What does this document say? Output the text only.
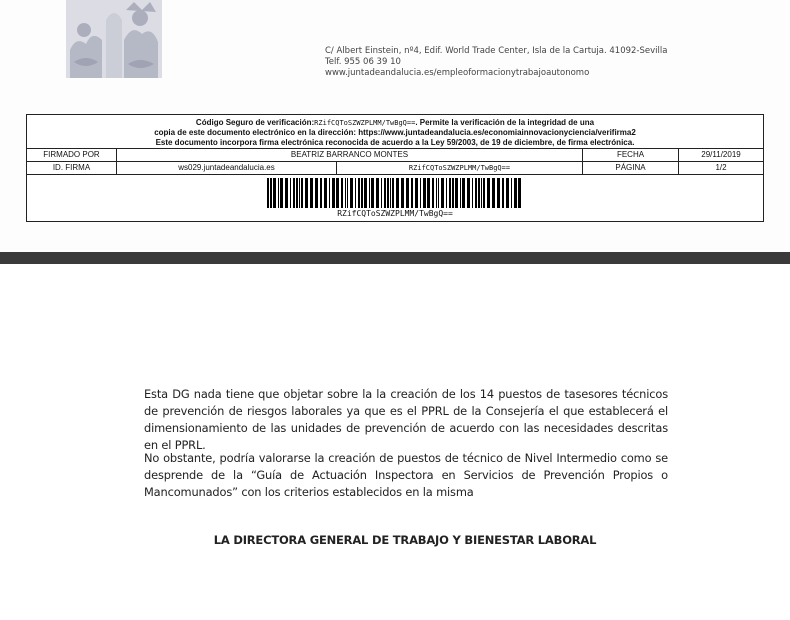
C/ Albert Einstein, nº4, Edif. World Trade Center, Isla de la Cartuja. 41092-Sevilla
Telf. 955 06 39 10
www.juntadeandalucia.es/empleoformacionytrabajoautonomo
Código Seguro de verificación:RZifCQToSZWZPLMM/TwBgQ==. Permite la verificación de la integridad de una
copia de este documento electrónico en la dirección: https://www.juntadeandalucia.es/economiainnovacionyciencia/verifirma2
Este documento incorpora firma electrónica reconocida de acuerdo a la Ley 59/2003, de 19 de diciembre, de firma electrónica.
FIRMADO POR	BEATRIZ BARRANCO MONTES	FECHA	29/11/2019
ID. FIRMA	ws029.juntadeandalucia.es	RZifCQToSZWZPLMM/TwBgQ==	PÁGINA	1/2
RZifCQToSZWZPLMM/TwBgQ==
Esta DG nada tiene que objetar sobre la la creación de los 14 puestos de tasesores técnicos de prevención de riesgos laborales ya que es el PPRL de la Consejería el que establecerá el dimensionamiento de las unidades de prevención de acuerdo con las necesidades descritas en el PPRL.
No obstante, podría valorarse la creación de puestos de técnico de Nivel Intermedio como se desprende de la “Guía de Actuación Inspectora en Servicios de Prevención Propios o Mancomunados” con los criterios establecidos en la misma
LA DIRECTORA GENERAL DE TRABAJO Y BIENESTAR LABORAL
